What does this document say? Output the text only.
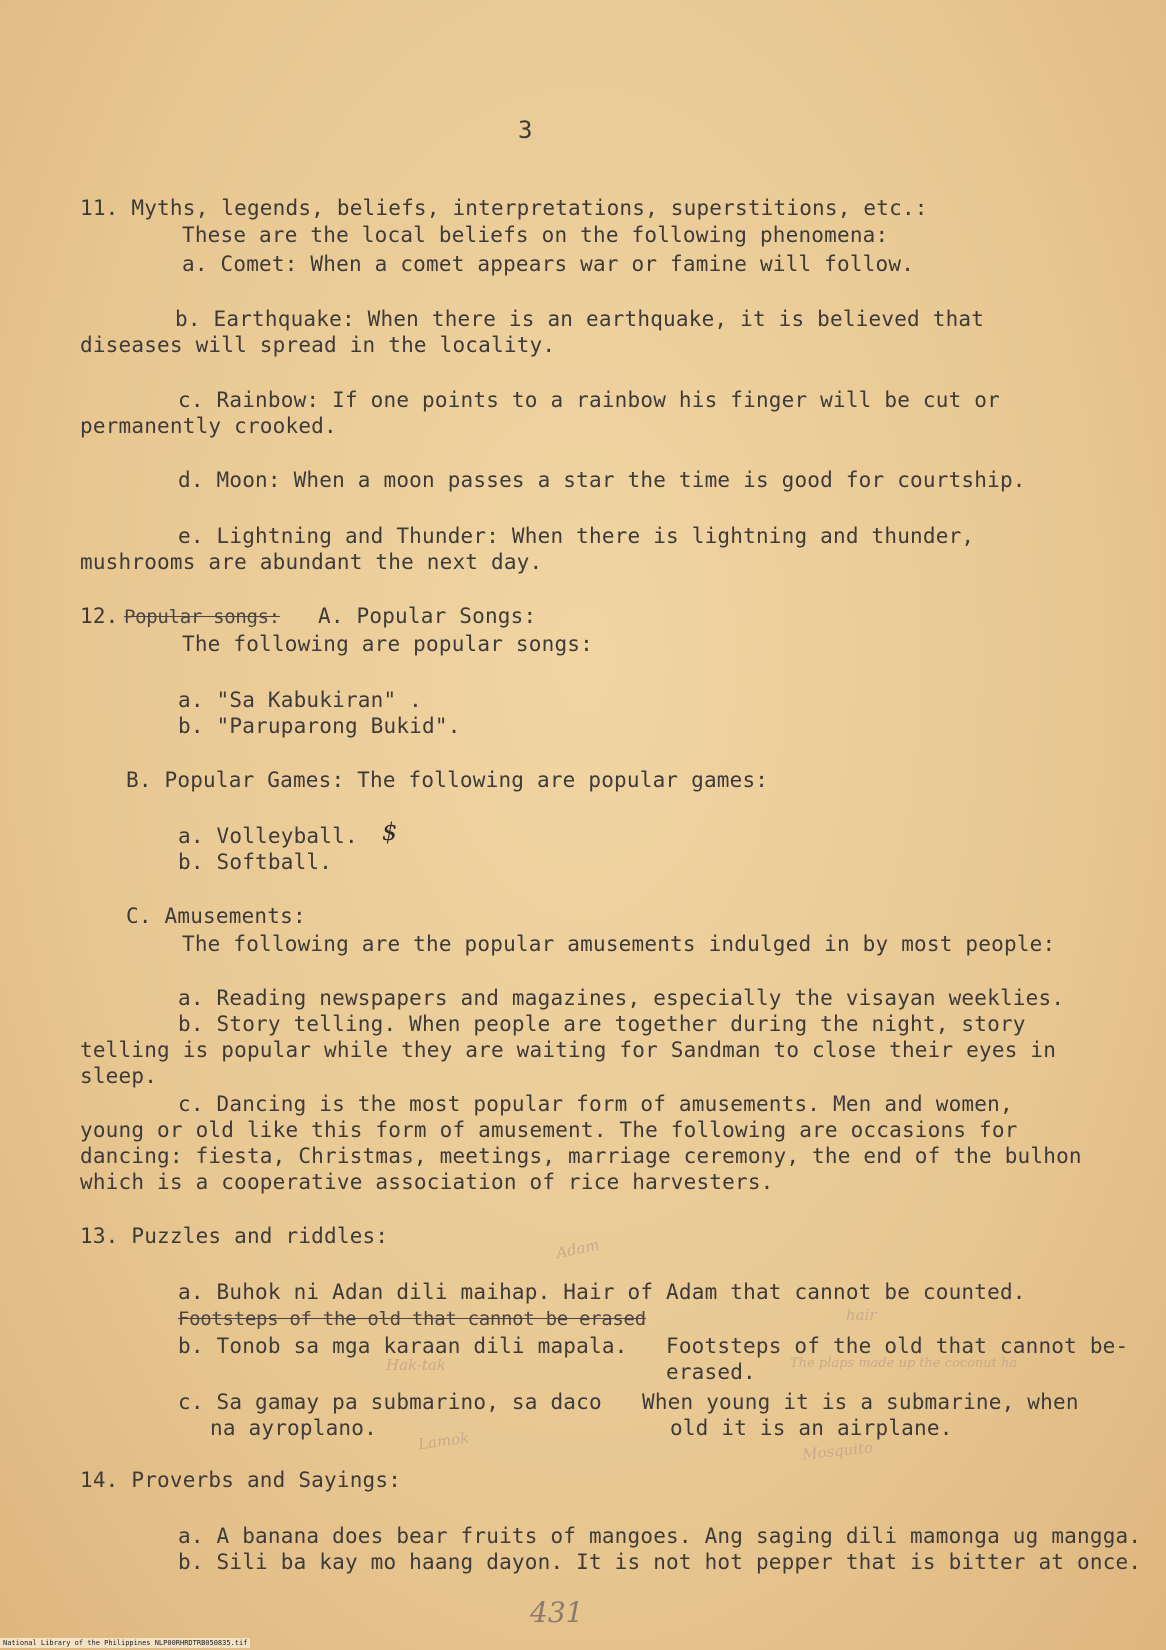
3
11. Myths, legends, beliefs, interpretations, superstitions, etc.:
These are the local beliefs on the following phenomena:
a. Comet: When a comet appears war or famine will follow.
b. Earthquake: When there is an earthquake, it is believed that
diseases will spread in the locality.
c. Rainbow: If one points to a rainbow his finger will be cut or
permanently crooked.
d. Moon: When a moon passes a star the time is good for courtship.
e. Lightning and Thunder: When there is lightning and thunder,
mushrooms are abundant the next day.
12. Popular songs: A. Popular Songs:
The following are popular songs:
a. "Sa Kabukiran" .
b. "Paruparong Bukid".
B. Popular Games: The following are popular games:
a. Volleyball. $
b. Softball.
C. Amusements:
The following are the popular amusements indulged in by most people:
a. Reading newspapers and magazines, especially the visayan weeklies.
b. Story telling. When people are together during the night, story
telling is popular while they are waiting for Sandman to close their eyes in
sleep.
c. Dancing is the most popular form of amusements. Men and women,
young or old like this form of amusement. The following are occasions for
dancing: fiesta, Christmas, meetings, marriage ceremony, the end of the bulhon
which is a cooperative association of rice harvesters.
13. Puzzles and riddles:	Adam
a. Buhok ni Adan dili maihap. Hair of Adam that cannot be counted.
Footsteps of the old that cannot be erased	hair
b. Tonob sa mga karaan dili mapala. Footsteps of the old that cannot be-
Hak-tak	erased.	The plaps made up the coconut ha
c. Sa gamay pa submarino, sa daco When young it is a submarine, when
na ayroplano.	old it is an airplane.
Lamok	Mosquito
14. Proverbs and Sayings:
a. A banana does bear fruits of mangoes. Ang saging dili mamonga ug mangga.
b. Sili ba kay mo haang dayon. It is not hot pepper that is bitter at once.
431
National Library of the Philippines NLP00RHRDTRB050835.tif
